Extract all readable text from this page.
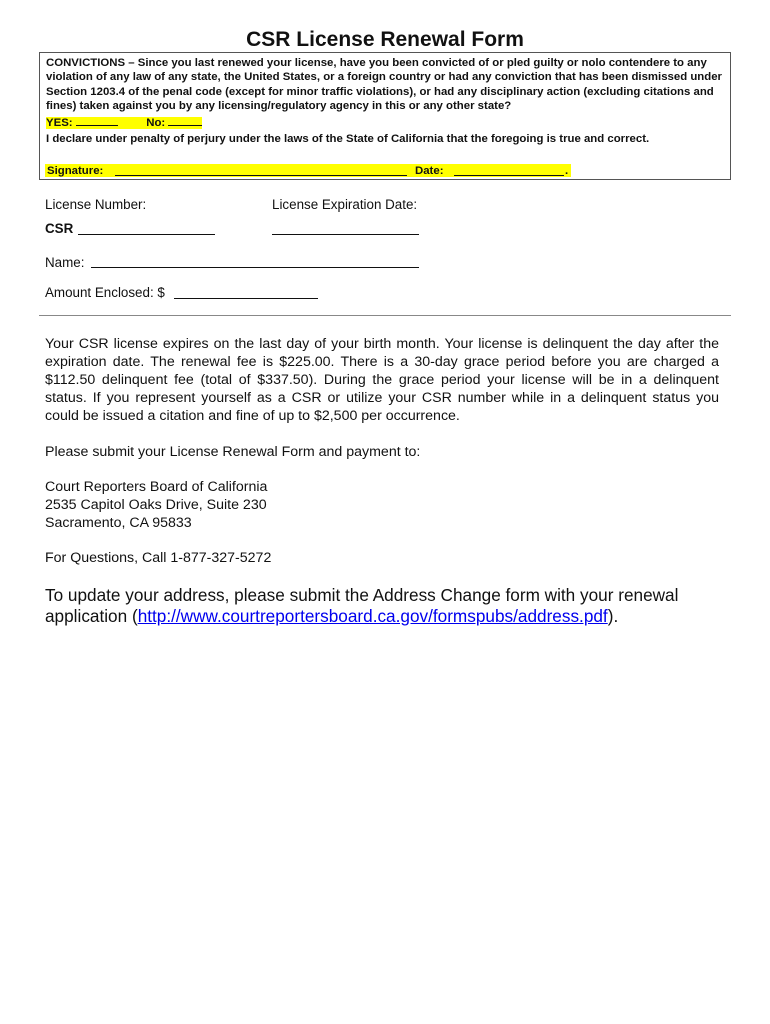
CSR License Renewal Form
CONVICTIONS – Since you last renewed your license, have you been convicted of or pled guilty or nolo contendere to any violation of any law of any state, the United States, or a foreign country or had any conviction that has been dismissed under Section 1203.4 of the penal code (except for minor traffic violations), or had any disciplinary action (excluding citations and fines) taken against you by any licensing/regulatory agency in this or any other state?
YES:	No:
I declare under penalty of perjury under the laws of the State of California that the foregoing is true and correct.
Signature:	Date:	.
License Number:	License Expiration Date:
CSR
Name:
Amount Enclosed: $
Your CSR license expires on the last day of your birth month. Your license is delinquent the day after the expiration date. The renewal fee is $225.00. There is a 30-day grace period before you are charged a $112.50 delinquent fee (total of $337.50). During the grace period your license will be in a delinquent status. If you represent yourself as a CSR or utilize your CSR number while in a delinquent status you could be issued a citation and fine of up to $2,500 per occurrence.
Please submit your License Renewal Form and payment to:
Court Reporters Board of California
2535 Capitol Oaks Drive, Suite 230
Sacramento, CA 95833
For Questions, Call 1-877-327-5272
To update your address, please submit the Address Change form with your renewal application (http://www.courtreportersboard.ca.gov/formspubs/address.pdf).
